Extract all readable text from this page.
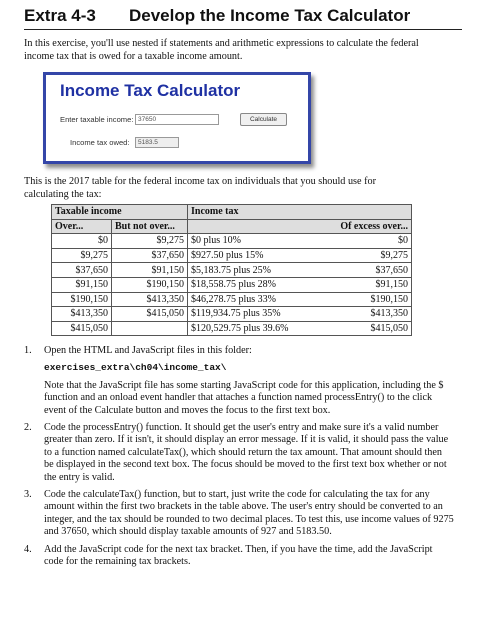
Extra 4-3 Develop the Income Tax Calculator
In this exercise, you'll use nested if statements and arithmetic expressions to calculate the federal income tax that is owed for a taxable income amount.
Income Tax Calculator
Enter taxable income: 37650	Calculate
Income tax owed:	5183.5
This is the 2017 table for the federal income tax on individuals that you should use for calculating the tax:
Taxable income		Income tax	
Over...	But not over...		Of excess over...
$0	$9,275	$0 plus 10%	$0
$9,275	$37,650	$927.50 plus 15%	$9,275
$37,650	$91,150	$5,183.75 plus 25%	$37,650
$91,150	$190,150	$18,558.75 plus 28%	$91,150
$190,150	$413,350	$46,278.75 plus 33%	$190,150
$413,350	$415,050	$119,934.75 plus 35%	$413,350
$415,050		$120,529.75 plus 39.6%	$415,050
1. Open the HTML and JavaScript files in this folder:

exercises_extra\ch04\income_tax\

Note that the JavaScript file has some starting JavaScript code for this application, including the $ function and an onload event handler that attaches a function named processEntry() to the click event of the Calculate button and moves the focus to the first text box.

2. Code the processEntry() function. It should get the user's entry and make sure it's a valid number greater than zero. If it isn't, it should display an error message. If it is valid, it should pass the value to a function named calculateTax(), which should return the tax amount. That amount should then be displayed in the second text box. The focus should be moved to the first text box whether or not the entry is valid.

3. Code the calculateTax() function, but to start, just write the code for calculating the tax for any amount within the first two brackets in the table above. The user's entry should be converted to an integer, and the tax should be rounded to two decimal places. To test this, use income values of 9275 and 37650, which should display taxable amounts of 927 and 5183.50.

4. Add the JavaScript code for the next tax bracket. Then, if you have the time, add the JavaScript code for the remaining tax brackets.
